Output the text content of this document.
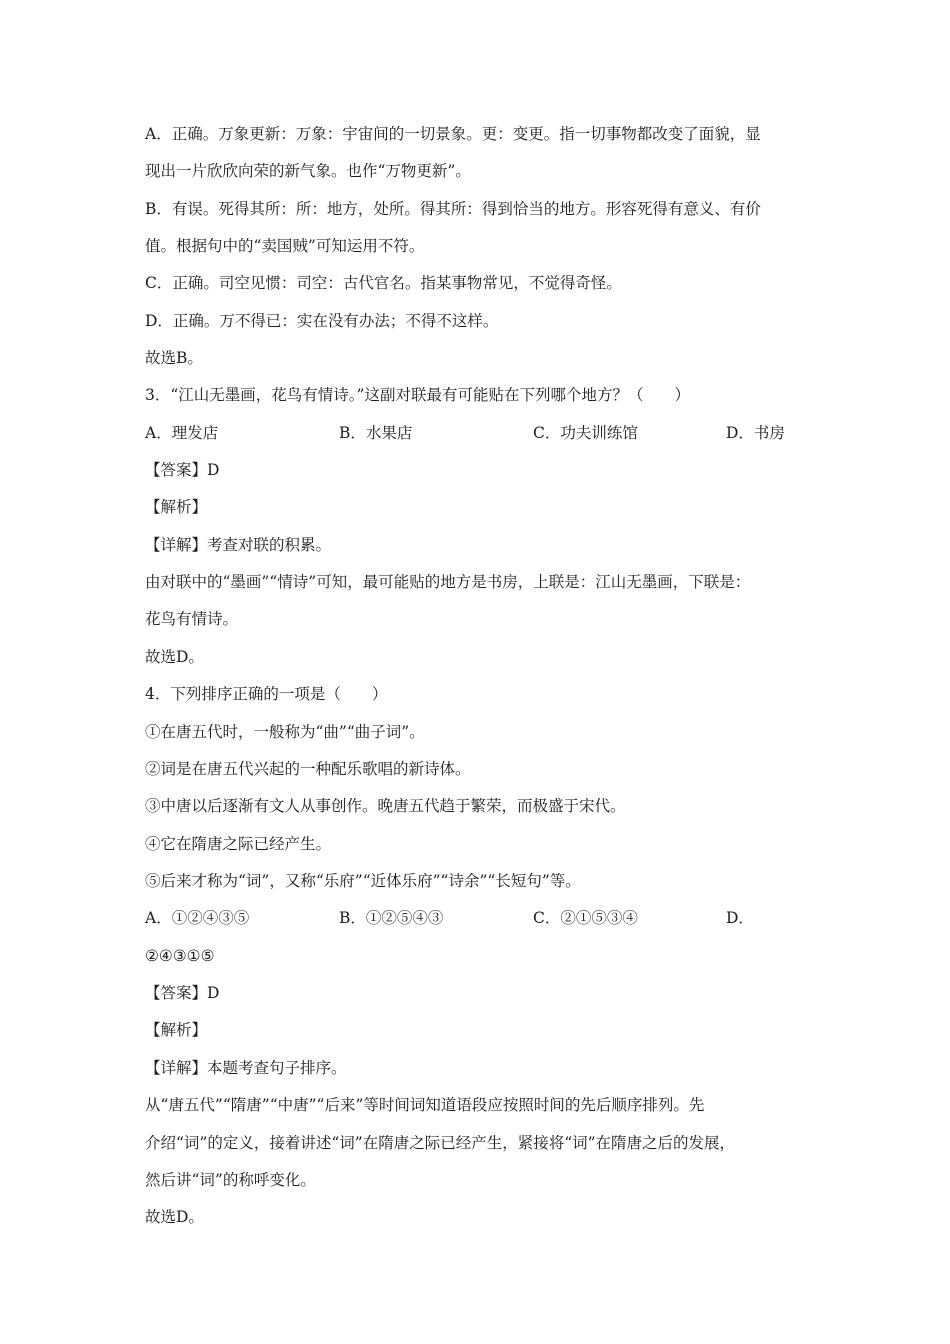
A．正确。万象更新：万象：宇宙间的一切景象。更：变更。指一切事物都改变了面貌，显
现出一片欣欣向荣的新气象。也作“万物更新”。
B．有误。死得其所：所：地方，处所。得其所：得到恰当的地方。形容死得有意义、有价
值。根据句中的“卖国贼”可知运用不符。
C．正确。司空见惯：司空：古代官名。指某事物常见，不觉得奇怪。
D．正确。万不得已：实在没有办法；不得不这样。
故选B。
3．“江山无墨画，花鸟有情诗。”这副对联最有可能贴在下列哪个地方？（　　）
A．理发店	B．水果店	C．功夫训练馆	D．书房
【答案】D
【解析】
【详解】考查对联的积累。
由对联中的“墨画”“情诗”可知，最可能贴的地方是书房，上联是：江山无墨画，下联是：
花鸟有情诗。
故选D。
4．下列排序正确的一项是（　　）
①在唐五代时，一般称为“曲”“曲子词”。
②词是在唐五代兴起的一种配乐歌唱的新诗体。
③中唐以后逐渐有文人从事创作。晚唐五代趋于繁荣，而极盛于宋代。
④它在隋唐之际已经产生。
⑤后来才称为“词”，又称“乐府”“近体乐府”“诗余”“长短句”等。
A．①②④③⑤	B．①②⑤④③	C．②①⑤③④	D．
②④③①⑤
【答案】D
【解析】
【详解】本题考查句子排序。
从“唐五代”“隋唐”“中唐”“后来”等时间词知道语段应按照时间的先后顺序排列。先
介绍“词”的定义，接着讲述“词”在隋唐之际已经产生，紧接将“词”在隋唐之后的发展，
然后讲“词”的称呼变化。
故选D。
